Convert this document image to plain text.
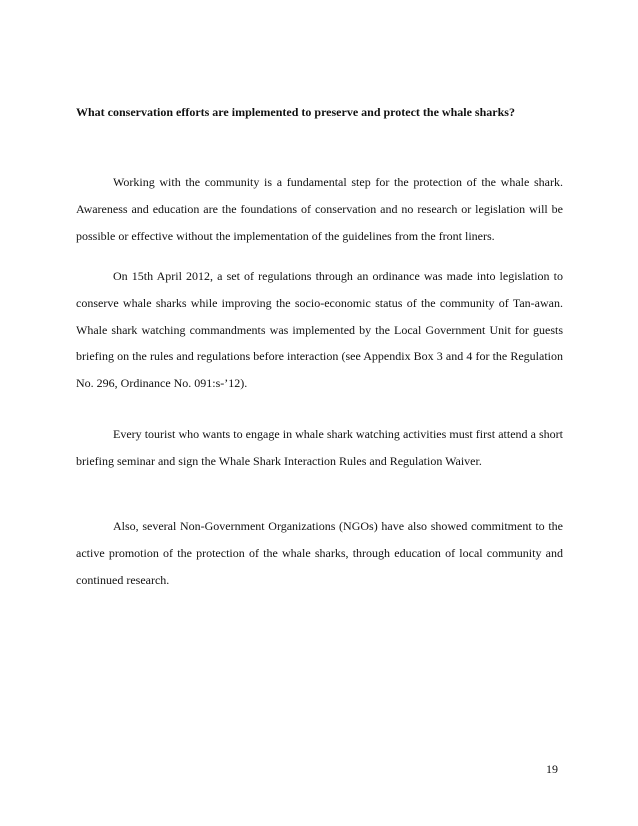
What conservation efforts are implemented to preserve and protect the whale sharks?

Working with the community is a fundamental step for the protection of the whale shark. Awareness and education are the foundations of conservation and no research or legislation will be possible or effective without the implementation of the guidelines from the front liners.

On 15th April 2012, a set of regulations through an ordinance was made into legislation to conserve whale sharks while improving the socio-economic status of the community of Tan-awan. Whale shark watching commandments was implemented by the Local Government Unit for guests briefing on the rules and regulations before interaction (see Appendix Box 3 and 4 for the Regulation No. 296, Ordinance No. 091:s-’12).

Every tourist who wants to engage in whale shark watching activities must first attend a short briefing seminar and sign the Whale Shark Interaction Rules and Regulation Waiver.

Also, several Non-Government Organizations (NGOs) have also showed commitment to the active promotion of the protection of the whale sharks, through education of local community and continued research.

19
